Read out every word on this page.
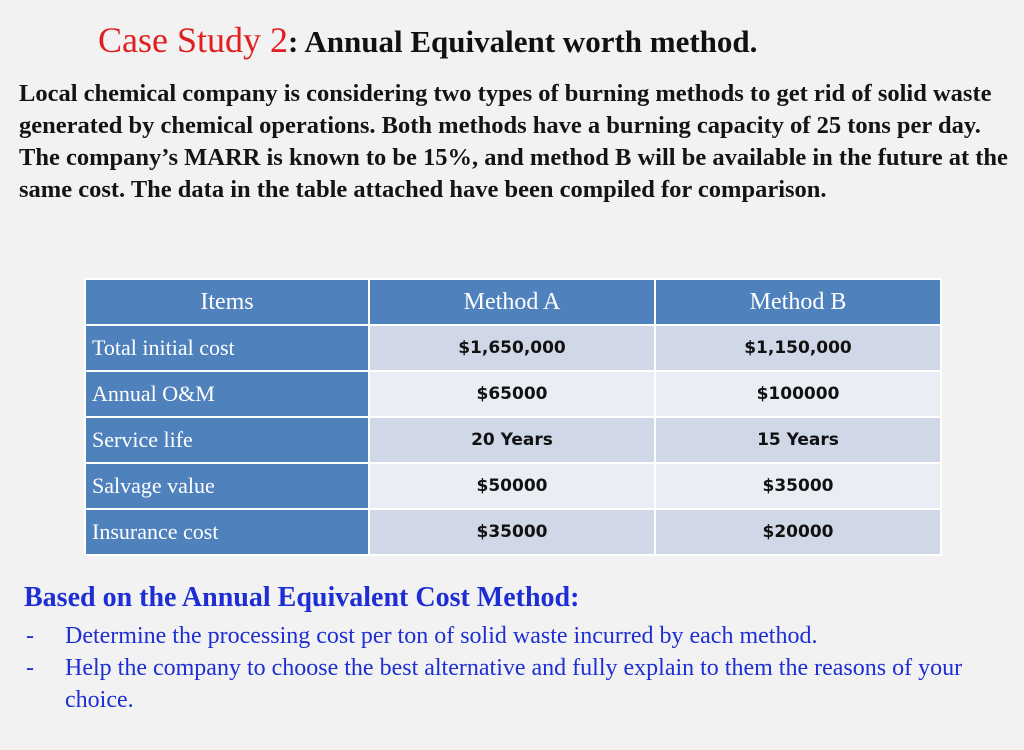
Case Study 2: Annual Equivalent worth method.

Local chemical company is considering two types of burning methods to get rid of solid waste generated by chemical operations. Both methods have a burning capacity of 25 tons per day. The company’s MARR is known to be 15%, and method B will be available in the future at the same cost. The data in the table attached have been compiled for comparison.

Items	Method A	Method B
Total initial cost	$1,650,000	$1,150,000
Annual O&M	$65000	$100000
Service life	20 Years	15 Years
Salvage value	$50000	$35000
Insurance cost	$35000	$20000
Based on the Annual Equivalent Cost Method:
- Determine the processing cost per ton of solid waste incurred by each method.
- Help the company to choose the best alternative and fully explain to them the reasons of your choice.
